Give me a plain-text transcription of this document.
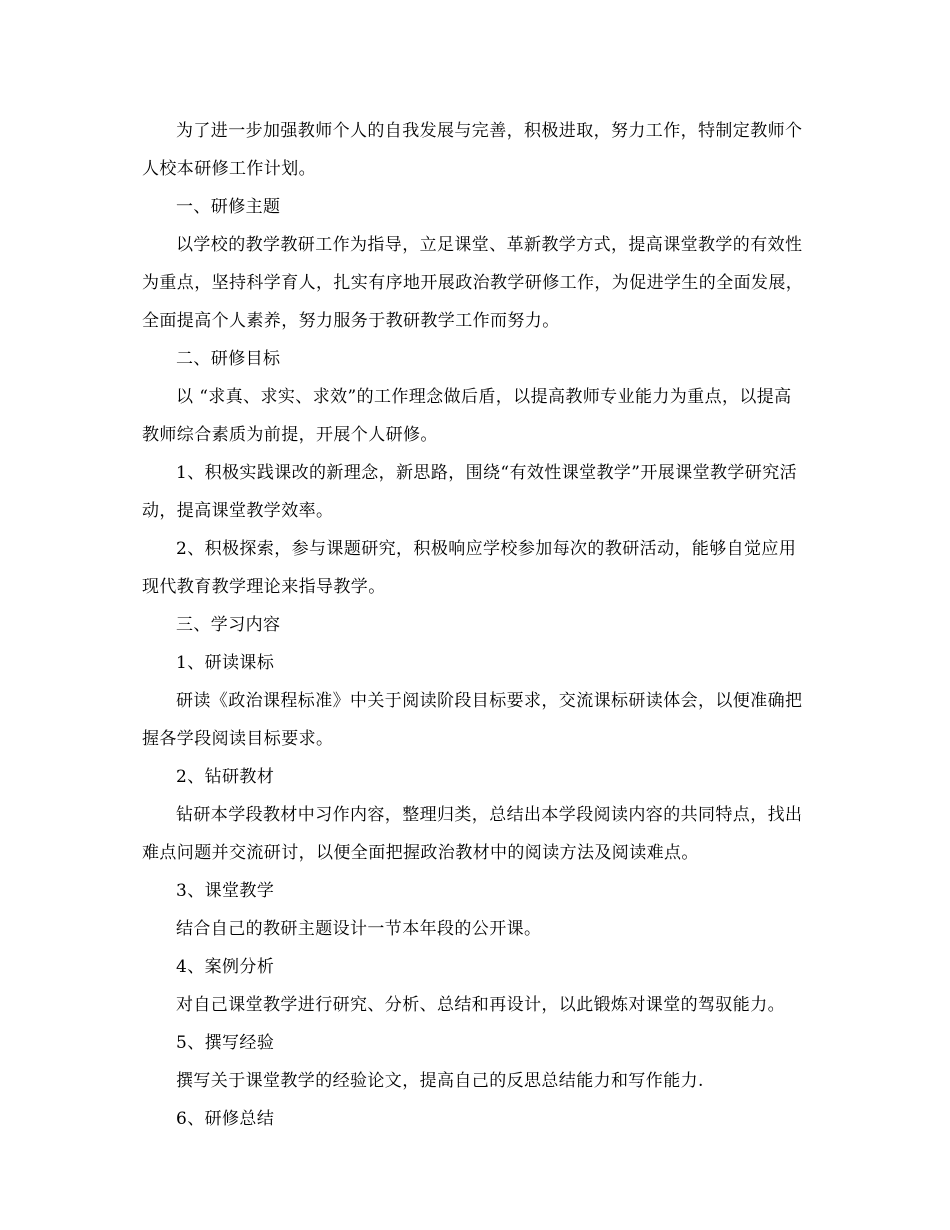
为了进一步加强教师个人的自我发展与完善，积极进取，努力工作，特制定教师个人校本研修工作计划。

一、研修主题

以学校的教学教研工作为指导，立足课堂、革新教学方式，提高课堂教学的有效性为重点，坚持科学育人，扎实有序地开展政治教学研修工作，为促进学生的全面发展，全面提高个人素养，努力服务于教研教学工作而努力。

二、研修目标

以 “求真、求实、求效”的工作理念做后盾，以提高教师专业能力为重点，以提高教师综合素质为前提，开展个人研修。

1、积极实践课改的新理念，新思路，围绕“有效性课堂教学”开展课堂教学研究活动，提高课堂教学效率。

2、积极探索，参与课题研究，积极响应学校参加每次的教研活动，能够自觉应用现代教育教学理论来指导教学。

三、学习内容

1、研读课标

研读《政治课程标准》中关于阅读阶段目标要求，交流课标研读体会，以便准确把握各学段阅读目标要求。

2、钻研教材

钻研本学段教材中习作内容，整理归类，总结出本学段阅读内容的共同特点，找出难点问题并交流研讨，以便全面把握政治教材中的阅读方法及阅读难点。

3、课堂教学

结合自己的教研主题设计一节本年段的公开课。

4、案例分析

对自己课堂教学进行研究、分析、总结和再设计，以此锻炼对课堂的驾驭能力。

5、撰写经验

撰写关于课堂教学的经验论文，提高自己的反思总结能力和写作能力.

6、研修总结
